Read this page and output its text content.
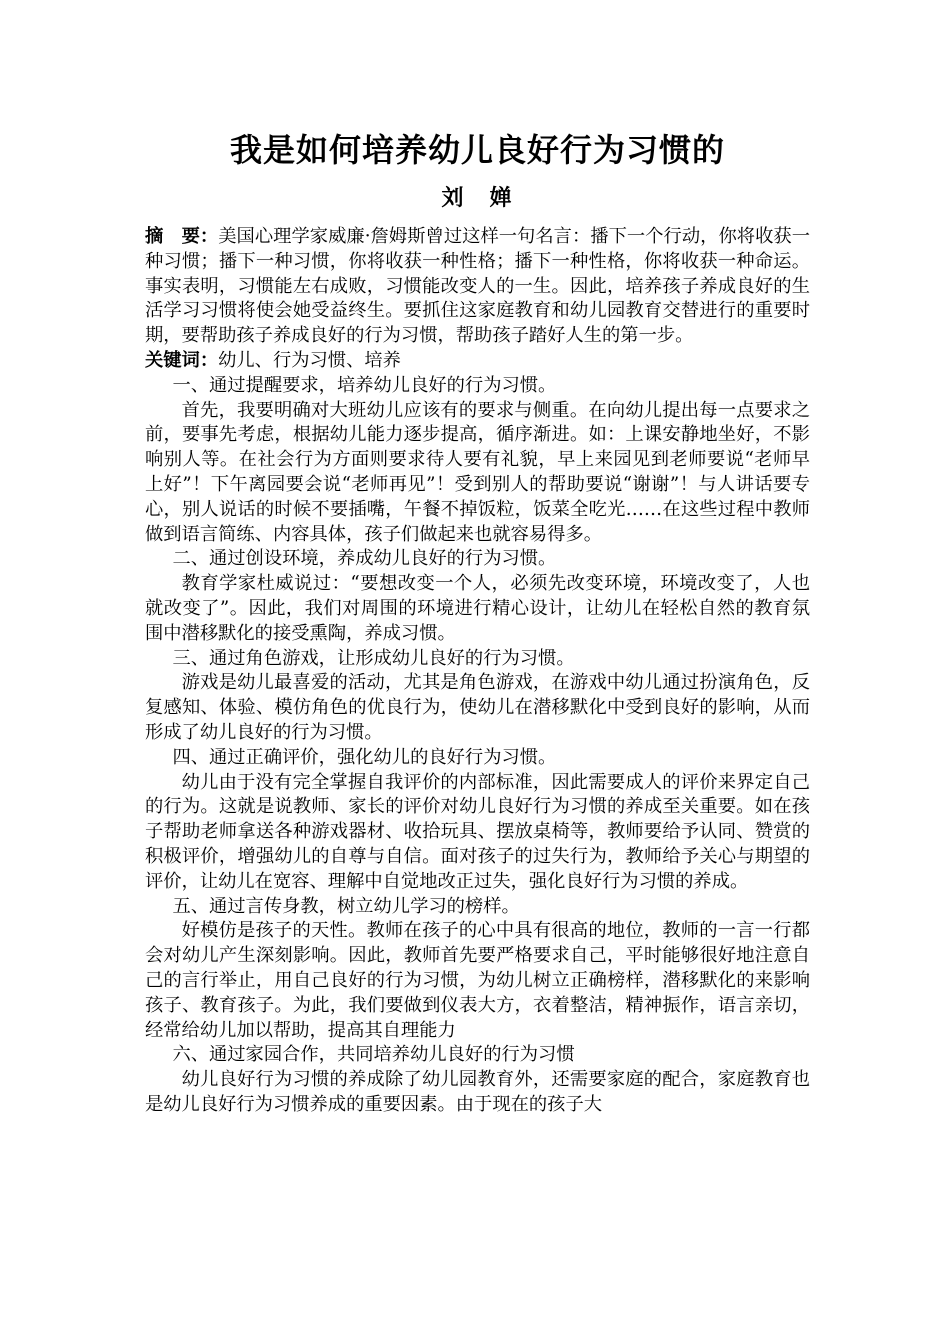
我是如何培养幼儿良好行为习惯的
刘　婵

摘　要：美国心理学家威廉·詹姆斯曾过这样一句名言：播下一个行动，你将收获一种习惯；播下一种习惯，你将收获一种性格；播下一种性格，你将收获一种命运。事实表明，习惯能左右成败，习惯能改变人的一生。因此，培养孩子养成良好的生活学习习惯将使会她受益终生。要抓住这家庭教育和幼儿园教育交替进行的重要时期，要帮助孩子养成良好的行为习惯，帮助孩子踏好人生的第一步。

关键词：幼儿、行为习惯、培养

一、通过提醒要求，培养幼儿良好的行为习惯。

首先，我要明确对大班幼儿应该有的要求与侧重。在向幼儿提出每一点要求之前，要事先考虑，根据幼儿能力逐步提高，循序渐进。如：上课安静地坐好，不影响别人等。在社会行为方面则要求待人要有礼貌，早上来园见到老师要说“老师早上好”！下午离园要会说“老师再见”！受到别人的帮助要说“谢谢”！与人讲话要专心，别人说话的时候不要插嘴，午餐不掉饭粒，饭菜全吃光……在这些过程中教师做到语言简练、内容具体，孩子们做起来也就容易得多。

二、通过创设环境，养成幼儿良好的行为习惯。

教育学家杜威说过：“要想改变一个人，必须先改变环境，环境改变了，人也就改变了”。因此，我们对周围的环境进行精心设计，让幼儿在轻松自然的教育氛围中潜移默化的接受熏陶，养成习惯。

三、通过角色游戏，让形成幼儿良好的行为习惯。

游戏是幼儿最喜爱的活动，尤其是角色游戏，在游戏中幼儿通过扮演角色，反复感知、体验、模仿角色的优良行为，使幼儿在潜移默化中受到良好的影响，从而形成了幼儿良好的行为习惯。

四、通过正确评价，强化幼儿的良好行为习惯。

幼儿由于没有完全掌握自我评价的内部标准，因此需要成人的评价来界定自己的行为。这就是说教师、家长的评价对幼儿良好行为习惯的养成至关重要。如在孩子帮助老师拿送各种游戏器材、收拾玩具、摆放桌椅等，教师要给予认同、赞赏的积极评价，增强幼儿的自尊与自信。面对孩子的过失行为，教师给予关心与期望的评价，让幼儿在宽容、理解中自觉地改正过失，强化良好行为习惯的养成。

五、通过言传身教，树立幼儿学习的榜样。

好模仿是孩子的天性。教师在孩子的心中具有很高的地位，教师的一言一行都会对幼儿产生深刻影响。因此，教师首先要严格要求自己，平时能够很好地注意自己的言行举止，用自己良好的行为习惯，为幼儿树立正确榜样，潜移默化的来影响孩子、教育孩子。为此，我们要做到仪表大方，衣着整洁，精神振作，语言亲切，经常给幼儿加以帮助，提高其自理能力

六、通过家园合作，共同培养幼儿良好的行为习惯

幼儿良好行为习惯的养成除了幼儿园教育外，还需要家庭的配合，家庭教育也是幼儿良好行为习惯养成的重要因素。由于现在的孩子大
